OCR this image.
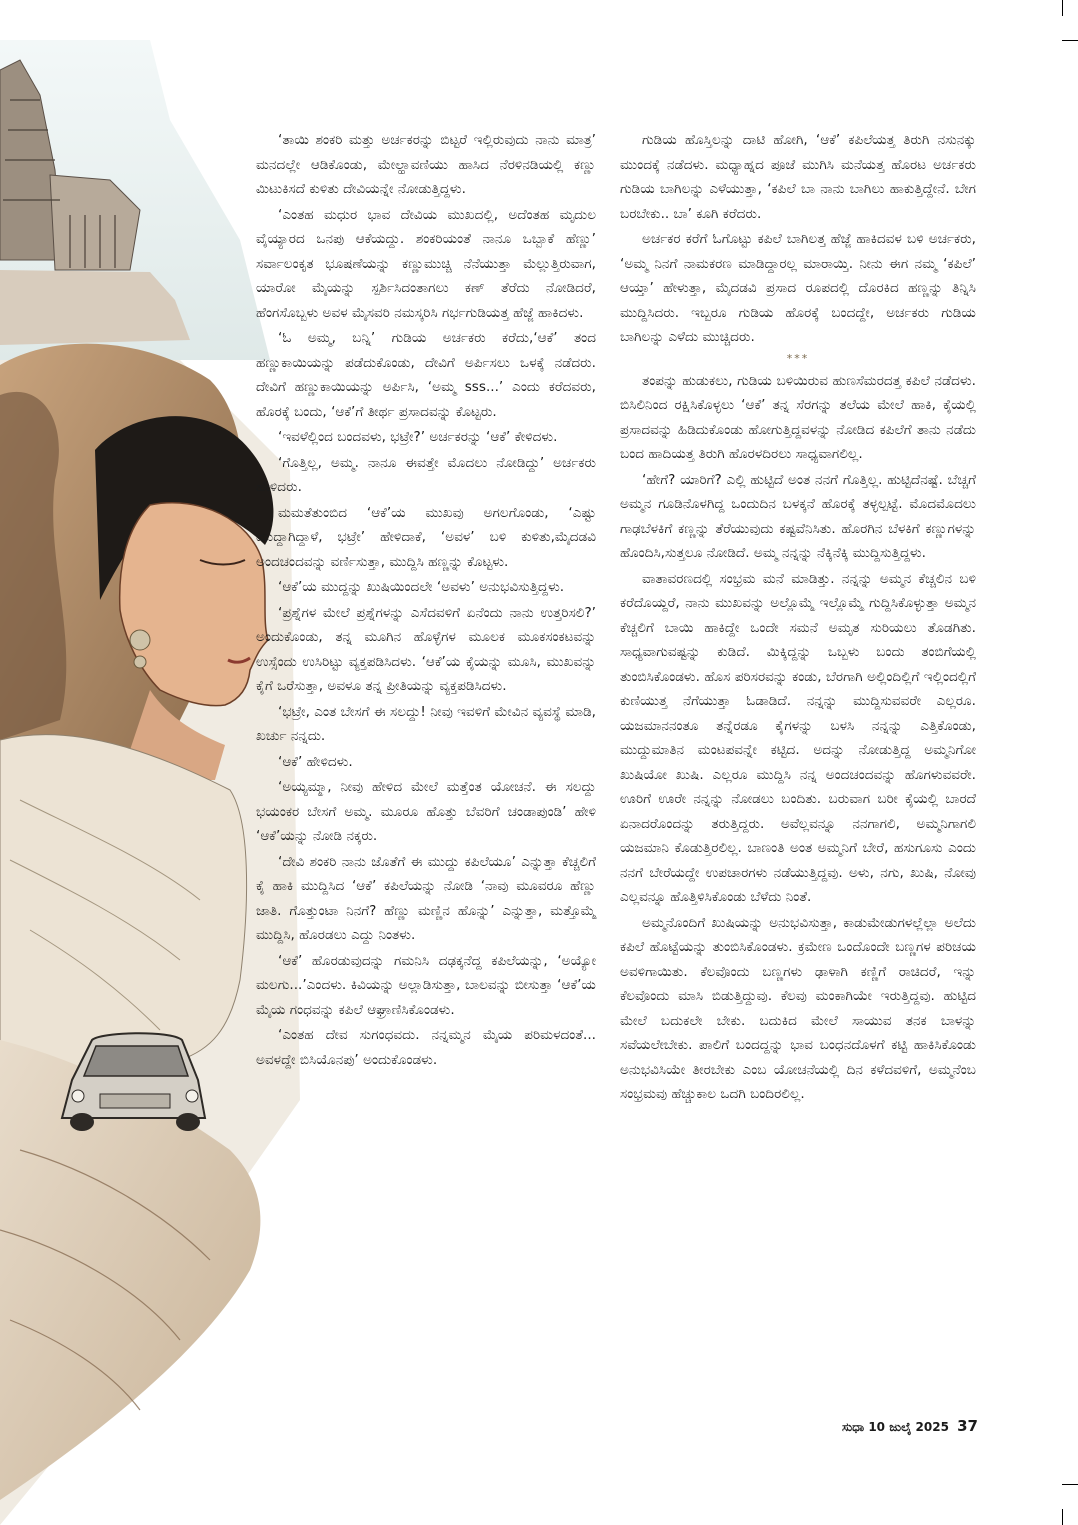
‘ತಾಯಿ ಶಂಕರಿ ಮತ್ತು ಅರ್ಚಕರನ್ನು ಬಿಟ್ಟರೆ ಇಲ್ಲಿರುವುದು ನಾನು ಮಾತ್ರ’ ಮನದಲ್ಲೇ ಆಡಿಕೊಂಡು, ಮೇಲ್ಹಾವಣಿಯು ಹಾಸಿದ ನೆರಳಿನಡಿಯಲ್ಲಿ ಕಣ್ಣು ಮಿಟುಕಿಸದೆ ಕುಳಿತು ದೇವಿಯನ್ನೇ ನೋಡುತ್ತಿದ್ದಳು.

‘ಎಂತಹ ಮಧುರ ಭಾವ ದೇವಿಯ ಮುಖದಲ್ಲಿ, ಅದೆಂತಹ ಮೃದುಲ ವೈಯ್ಯಾರದ ಒನಪು ಆಕೆಯದ್ದು. ಶಂಕರಿಯಂತೆ ನಾನೂ ಒಬ್ಬಾಕೆ ಹೆಣ್ಣು’ ಸರ್ವಾಲಂಕೃತ ಭೂಷಣೆಯನ್ನು ಕಣ್ಣುಮುಚ್ಚಿ ನೆನೆಯುತ್ತಾ ಮೆಲ್ಲುತ್ತಿರುವಾಗ, ಯಾರೋ ಮೈಯನ್ನು ಸ್ಪರ್ಶಿಸಿದಂತಾಗಲು ಕಣ್ ತೆರೆದು ನೋಡಿದರೆ, ಹೆಂಗಸೊಬ್ಬಳು ಅವಳ ಮೈಸವರಿ ನಮಸ್ಕರಿಸಿ ಗರ್ಭಗುಡಿಯತ್ತ ಹೆಜ್ಜೆ ಹಾಕಿದಳು.

‘ಓ ಅಮ್ಮ, ಬನ್ನಿ’ ಗುಡಿಯ ಅರ್ಚಕರು ಕರೆದು,‘ಆಕೆ’ ತಂದ ಹಣ್ಣುಕಾಯಿಯನ್ನು ಪಡೆದುಕೊಂಡು, ದೇವಿಗೆ ಅರ್ಪಿಸಲು ಒಳಕ್ಕೆ ನಡೆದರು. ದೇವಿಗೆ ಹಣ್ಣುಕಾಯಿಯನ್ನು ಅರ್ಪಿಸಿ, ‘ಅಮ್ಮ sss...’ ಎಂದು ಕರೆದವರು, ಹೊರಕ್ಕೆ ಬಂದು, ‘ಆಕೆ’ಗೆ ತೀರ್ಥ ಪ್ರಸಾದವನ್ನು ಕೊಟ್ಟರು.

‘ಇವಳೆಲ್ಲಿಂದ ಬಂದವಳು, ಭಟ್ರೇ?’ ಅರ್ಚಕರನ್ನು ‘ಆಕೆ’ ಕೇಳಿದಳು.

‘ಗೊತ್ತಿಲ್ಲ, ಅಮ್ಮ. ನಾನೂ ಈವತ್ತೇ ಮೊದಲು ನೋಡಿದ್ದು’ ಅರ್ಚಕರು ಹೇಳಿದರು.

ಮಮತೆತುಂಬಿದ ‘ಆಕೆ’ಯ ಮುಖವು ಅಗಲಗೊಂಡು, ‘ಎಷ್ಟು ಮುದ್ದಾಗಿದ್ದಾಳೆ, ಭಟ್ರೇ’ ಹೇಳಿದಾಕೆ, ‘ಅವಳ’ ಬಳಿ ಕುಳಿತು,ಮೈದಡವಿ ಅಂದಚಂದವನ್ನು ವರ್ಣಿಸುತ್ತಾ, ಮುದ್ದಿಸಿ ಹಣ್ಣನ್ನು ಕೊಟ್ಟಳು.

‘ಆಕೆ’ಯ ಮುದ್ದನ್ನು ಖುಷಿಯಿಂದಲೇ ‘ಅವಳು’ ಅನುಭವಿಸುತ್ತಿದ್ದಳು.

‘ಪ್ರಶ್ನೆಗಳ ಮೇಲೆ ಪ್ರಶ್ನೆಗಳನ್ನು ಎಸೆದವಳಿಗೆ ಏನೆಂದು ನಾನು ಉತ್ತರಿಸಲಿ?’ ಅಂದುಕೊಂಡು, ತನ್ನ ಮೂಗಿನ ಹೊಳ್ಳೆಗಳ ಮೂಲಕ ಮೂಕಸಂಕಟವನ್ನು ಉಸ್ಸೆಂದು ಉಸಿರಿಟ್ಟು ವ್ಯಕ್ತಪಡಿಸಿದಳು. ‘ಆಕೆ’ಯ ಕೈಯನ್ನು ಮೂಸಿ, ಮುಖವನ್ನು ಕೈಗೆ ಒರೆಸುತ್ತಾ, ಅವಳೂ ತನ್ನ ಪ್ರೀತಿಯನ್ನು ವ್ಯಕ್ತಪಡಿಸಿದಳು.

‘ಭಟ್ರೇ, ಎಂತ ಬೇಸಗೆ ಈ ಸಲದ್ದು! ನೀವು ಇವಳಿಗೆ ಮೇವಿನ ವ್ಯವಸ್ಥೆ ಮಾಡಿ, ಖರ್ಚು ನನ್ನದು.

‘ಆಕೆ’ ಹೇಳಿದಳು.

‘ಅಯ್ಯಮ್ಮಾ, ನೀವು ಹೇಳಿದ ಮೇಲೆ ಮತ್ತೆಂತ ಯೋಚನೆ. ಈ ಸಲದ್ದು ಭಯಂಕರ ಬೇಸಗೆ ಅಮ್ಮ. ಮೂರೂ ಹೊತ್ತು ಬೆವರಿಗೆ ಚಂಡಾಪುಂಡಿ’ ಹೇಳಿ ‘ಆಕೆ’ಯನ್ನು ನೋಡಿ ನಕ್ಕರು.

‘ದೇವಿ ಶಂಕರಿ ನಾನು ಜೊತೆಗೆ ಈ ಮುದ್ದು ಕಪಿಲೆಯೂ’ ಎನ್ನುತ್ತಾ ಕೆಚ್ಚಲಿಗೆ ಕೈ ಹಾಕಿ ಮುದ್ದಿಸಿದ ‘ಆಕೆ’ ಕಪಿಲೆಯನ್ನು ನೋಡಿ ‘ನಾವು ಮೂವರೂ ಹೆಣ್ಣು ಜಾತಿ. ಗೊತ್ತುಂಟಾ ನಿನಗೆ? ಹೆಣ್ಣು ಮಣ್ಣಿನ ಹೊನ್ನು’ ಎನ್ನುತ್ತಾ, ಮತ್ತೊಮ್ಮೆ ಮುದ್ದಿಸಿ, ಹೊರಡಲು ಎದ್ದು ನಿಂತಳು.

‘ಆಕೆ’ ಹೊರಡುವುದನ್ನು ಗಮನಿಸಿ ದಢಕ್ಕನೆದ್ದ ಕಪಿಲೆಯನ್ನು, ‘ಅಯ್ಯೋ ಮಲಗು...’ಎಂದಳು. ಕಿವಿಯನ್ನು ಅಲ್ಲಾಡಿಸುತ್ತಾ, ಬಾಲವನ್ನು ಬೀಸುತ್ತಾ ‘ಆಕೆ’ಯ ಮೈಯ ಗಂಧವನ್ನು ಕಪಿಲೆ ಆಘ್ರಾಣಿಸಿಕೊಂಡಳು.

‘ಎಂತಹ ದೇವ ಸುಗಂಧವದು. ನನ್ನಮ್ಮನ ಮೈಯ ಪರಿಮಳದಂತೆ... ಅವಳದ್ದೇ ಬಿಸಿಯೊನಪು’ ಅಂದುಕೊಂಡಳು.

ಗುಡಿಯ ಹೊಸ್ತಿಲನ್ನು ದಾಟಿ ಹೋಗಿ, ‘ಆಕೆ’ ಕಪಿಲೆಯತ್ತ ತಿರುಗಿ ನಸುನಕ್ಕು ಮುಂದಕ್ಕೆ ನಡೆದಳು. ಮಧ್ಯಾಹ್ನದ ಪೂಜೆ ಮುಗಿಸಿ ಮನೆಯತ್ತ ಹೊರಟ ಅರ್ಚಕರು ಗುಡಿಯ ಬಾಗಿಲನ್ನು ಎಳೆಯುತ್ತಾ, ‘ಕಪಿಲೆ ಬಾ ನಾನು ಬಾಗಿಲು ಹಾಕುತ್ತಿದ್ದೇನೆ. ಬೇಗ ಬರಬೇಕು.. ಬಾ’ ಕೂಗಿ ಕರೆದರು.

ಅರ್ಚಕರ ಕರೆಗೆ ಓಗೊಟ್ಟು ಕಪಿಲೆ ಬಾಗಿಲತ್ತ ಹೆಜ್ಜೆ ಹಾಕಿದವಳ ಬಳಿ ಅರ್ಚಕರು, ‘ಅಮ್ಮ ನಿನಗೆ ನಾಮಕರಣ ಮಾಡಿದ್ದಾರಲ್ಲ ಮಾರಾಯ್ತಿ. ನೀನು ಈಗ ನಮ್ಮ ‘ಕಪಿಲೆ’ ಆಯ್ತಾ’ ಹೇಳುತ್ತಾ, ಮೈದಡವಿ ಪ್ರಸಾದ ರೂಪದಲ್ಲಿ ದೊರಕಿದ ಹಣ್ಣನ್ನು ತಿನ್ನಿಸಿ ಮುದ್ದಿಸಿದರು. ಇಬ್ಬರೂ ಗುಡಿಯ ಹೊರಕ್ಕೆ ಬಂದದ್ದೇ, ಅರ್ಚಕರು ಗುಡಿಯ ಬಾಗಿಲನ್ನು ಎಳೆದು ಮುಚ್ಚಿದರು.

***

ತಂಪನ್ನು ಹುಡುಕಲು, ಗುಡಿಯ ಬಳಿಯಿರುವ ಹುಣಸೆಮರದತ್ತ ಕಪಿಲೆ ನಡೆದಳು. ಬಿಸಿಲಿನಿಂದ ರಕ್ಷಿಸಿಕೊಳ್ಳಲು ‘ಆಕೆ’ ತನ್ನ ಸೆರಗನ್ನು ತಲೆಯ ಮೇಲೆ ಹಾಕಿ, ಕೈಯಲ್ಲಿ ಪ್ರಸಾದವನ್ನು ಹಿಡಿದುಕೊಂಡು ಹೋಗುತ್ತಿದ್ದವಳನ್ನು ನೋಡಿದ ಕಪಿಲೆಗೆ ತಾನು ನಡೆದು ಬಂದ ಹಾದಿಯತ್ತ ತಿರುಗಿ ಹೊರಳದಿರಲು ಸಾಧ್ಯವಾಗಲಿಲ್ಲ.

‘ಹೇಗೆ? ಯಾರಿಗೆ? ಎಲ್ಲಿ ಹುಟ್ಟಿದೆ ಅಂತ ನನಗೆ ಗೊತ್ತಿಲ್ಲ. ಹುಟ್ಟಿದೆನಷ್ಟೆ. ಬೆಚ್ಚಗೆ ಅಮ್ಮನ ಗೂಡಿನೊಳಗಿದ್ದ ಒಂದುದಿನ ಬಳಕ್ಕನೆ ಹೊರಕ್ಕೆ ತಳ್ಳಲ್ಪಟ್ಟೆ. ಮೊದಮೊದಲು ಗಾಢಬೆಳಕಿಗೆ ಕಣ್ಣನ್ನು ತೆರೆಯುವುದು ಕಷ್ಟವೆನಿಸಿತು. ಹೊರಗಿನ ಬೆಳಕಿಗೆ ಕಣ್ಣುಗಳನ್ನು ಹೊಂದಿಸಿ,ಸುತ್ತಲೂ ನೋಡಿದೆ. ಅಮ್ಮ ನನ್ನನ್ನು ನೆಕ್ಕಿನೆಕ್ಕಿ ಮುದ್ದಿಸುತ್ತಿದ್ದಳು.

ವಾತಾವರಣದಲ್ಲಿ ಸಂಭ್ರಮ ಮನೆ ಮಾಡಿತ್ತು. ನನ್ನನ್ನು ಅಮ್ಮನ ಕೆಚ್ಚಲಿನ ಬಳಿ ಕರೆದೊಯ್ದರೆ, ನಾನು ಮುಖವನ್ನು ಅಲ್ಲೊಮ್ಮೆ ಇಲ್ಲೊಮ್ಮೆ ಗುದ್ದಿಸಿಕೊಳ್ಳುತ್ತಾ ಅಮ್ಮನ ಕೆಚ್ಚಲಿಗೆ ಬಾಯಿ ಹಾಕಿದ್ದೇ ಒಂದೇ ಸಮನೆ ಅಮೃತ ಸುರಿಯಲು ತೊಡಗಿತು. ಸಾಧ್ಯವಾಗುವಷ್ಟನ್ನು ಕುಡಿದೆ. ಮಿಕ್ಕಿದ್ದನ್ನು ಒಬ್ಬಳು ಬಂದು ತಂಬಿಗೆಯಲ್ಲಿ ತುಂಬಿಸಿಕೊಂಡಳು. ಹೊಸ ಪರಿಸರವನ್ನು ಕಂಡು, ಬೆರಗಾಗಿ ಅಲ್ಲಿಂದಿಲ್ಲಿಗೆ ಇಲ್ಲಿಂದಲ್ಲಿಗೆ ಕುಣಿಯುತ್ತ ನೆಗೆಯುತ್ತಾ ಓಡಾಡಿದೆ. ನನ್ನನ್ನು ಮುದ್ದಿಸುವವರೇ ಎಲ್ಲರೂ. ಯಜಮಾನನಂತೂ ತನ್ನೆರಡೂ ಕೈಗಳನ್ನು ಬಳಸಿ ನನ್ನನ್ನು ಎತ್ತಿಕೊಂಡು, ಮುದ್ದುಮಾತಿನ ಮಂಟಪವನ್ನೇ ಕಟ್ಟಿದ. ಅದನ್ನು ನೋಡುತ್ತಿದ್ದ ಅಮ್ಮನಿಗೋ ಖುಷಿಯೋ ಖುಷಿ. ಎಲ್ಲರೂ ಮುದ್ದಿಸಿ ನನ್ನ ಅಂದಚಂದವನ್ನು ಹೊಗಳುವವರೇ. ಊರಿಗೆ ಊರೇ ನನ್ನನ್ನು ನೋಡಲು ಬಂದಿತು. ಬರುವಾಗ ಬರೀ ಕೈಯಲ್ಲಿ ಬಾರದೆ ಏನಾದರೊಂದನ್ನು ತರುತ್ತಿದ್ದರು. ಅವೆಲ್ಲವನ್ನೂ ನನಗಾಗಲಿ, ಅಮ್ಮನಿಗಾಗಲಿ ಯಜಮಾನಿ ಕೊಡುತ್ತಿರಲಿಲ್ಲ. ಬಾಣಂತಿ ಅಂತ ಅಮ್ಮನಿಗೆ ಬೇರೆ, ಹಸುಗೂಸು ಎಂದು ನನಗೆ ಬೇರೆಯದ್ದೇ ಉಪಚಾರಗಳು ನಡೆಯುತ್ತಿದ್ದವು. ಅಳು, ನಗು, ಖುಷಿ, ನೋವು ಎಲ್ಲವನ್ನೂ ಹೊತ್ತಿಳಿಸಿಕೊಂಡು ಬೆಳೆದು ನಿಂತೆ.

ಅಮ್ಮನೊಂದಿಗೆ ಖುಷಿಯನ್ನು ಅನುಭವಿಸುತ್ತಾ, ಕಾಡುಮೇಡುಗಳಲ್ಲೆಲ್ಲಾ ಅಲೆದು ಕಪಿಲೆ ಹೊಟ್ಟೆಯನ್ನು ತುಂಬಿಸಿಕೊಂಡಳು. ಕ್ರಮೇಣ ಒಂದೊಂದೇ ಬಣ್ಣಗಳ ಪರಿಚಯ ಅವಳಿಗಾಯಿತು. ಕೆಲವೊಂದು ಬಣ್ಣಗಳು ಢಾಳಾಗಿ ಕಣ್ಣಿಗೆ ರಾಚಿದರೆ, ಇನ್ನು ಕೆಲವೊಂದು ಮಾಸಿ ಬಿಡುತ್ತಿದ್ದುವು. ಕೆಲವು ಮಂಕಾಗಿಯೇ ಇರುತ್ತಿದ್ದವು. ಹುಟ್ಟಿದ ಮೇಲೆ ಬದುಕಲೇ ಬೇಕು. ಬದುಕಿದ ಮೇಲೆ ಸಾಯುವ ತನಕ ಬಾಳನ್ನು ಸವೆಯಲೇಬೇಕು. ಪಾಲಿಗೆ ಬಂದದ್ದನ್ನು ಭಾವ ಬಂಧನದೊಳಗೆ ಕಟ್ಟಿ ಹಾಕಿಸಿಕೊಂಡು ಅನುಭವಿಸಿಯೇ ತೀರಬೇಕು ಎಂಬ ಯೋಚನೆಯಲ್ಲಿ ದಿನ ಕಳೆದವಳಿಗೆ, ಅಮ್ಮನೆಂಬ ಸಂಭ್ರಮವು ಹೆಚ್ಚುಕಾಲ ಒದಗಿ ಬಂದಿರಲಿಲ್ಲ.

ಸುಧಾ 10 ಜುಲೈ 2025 37
